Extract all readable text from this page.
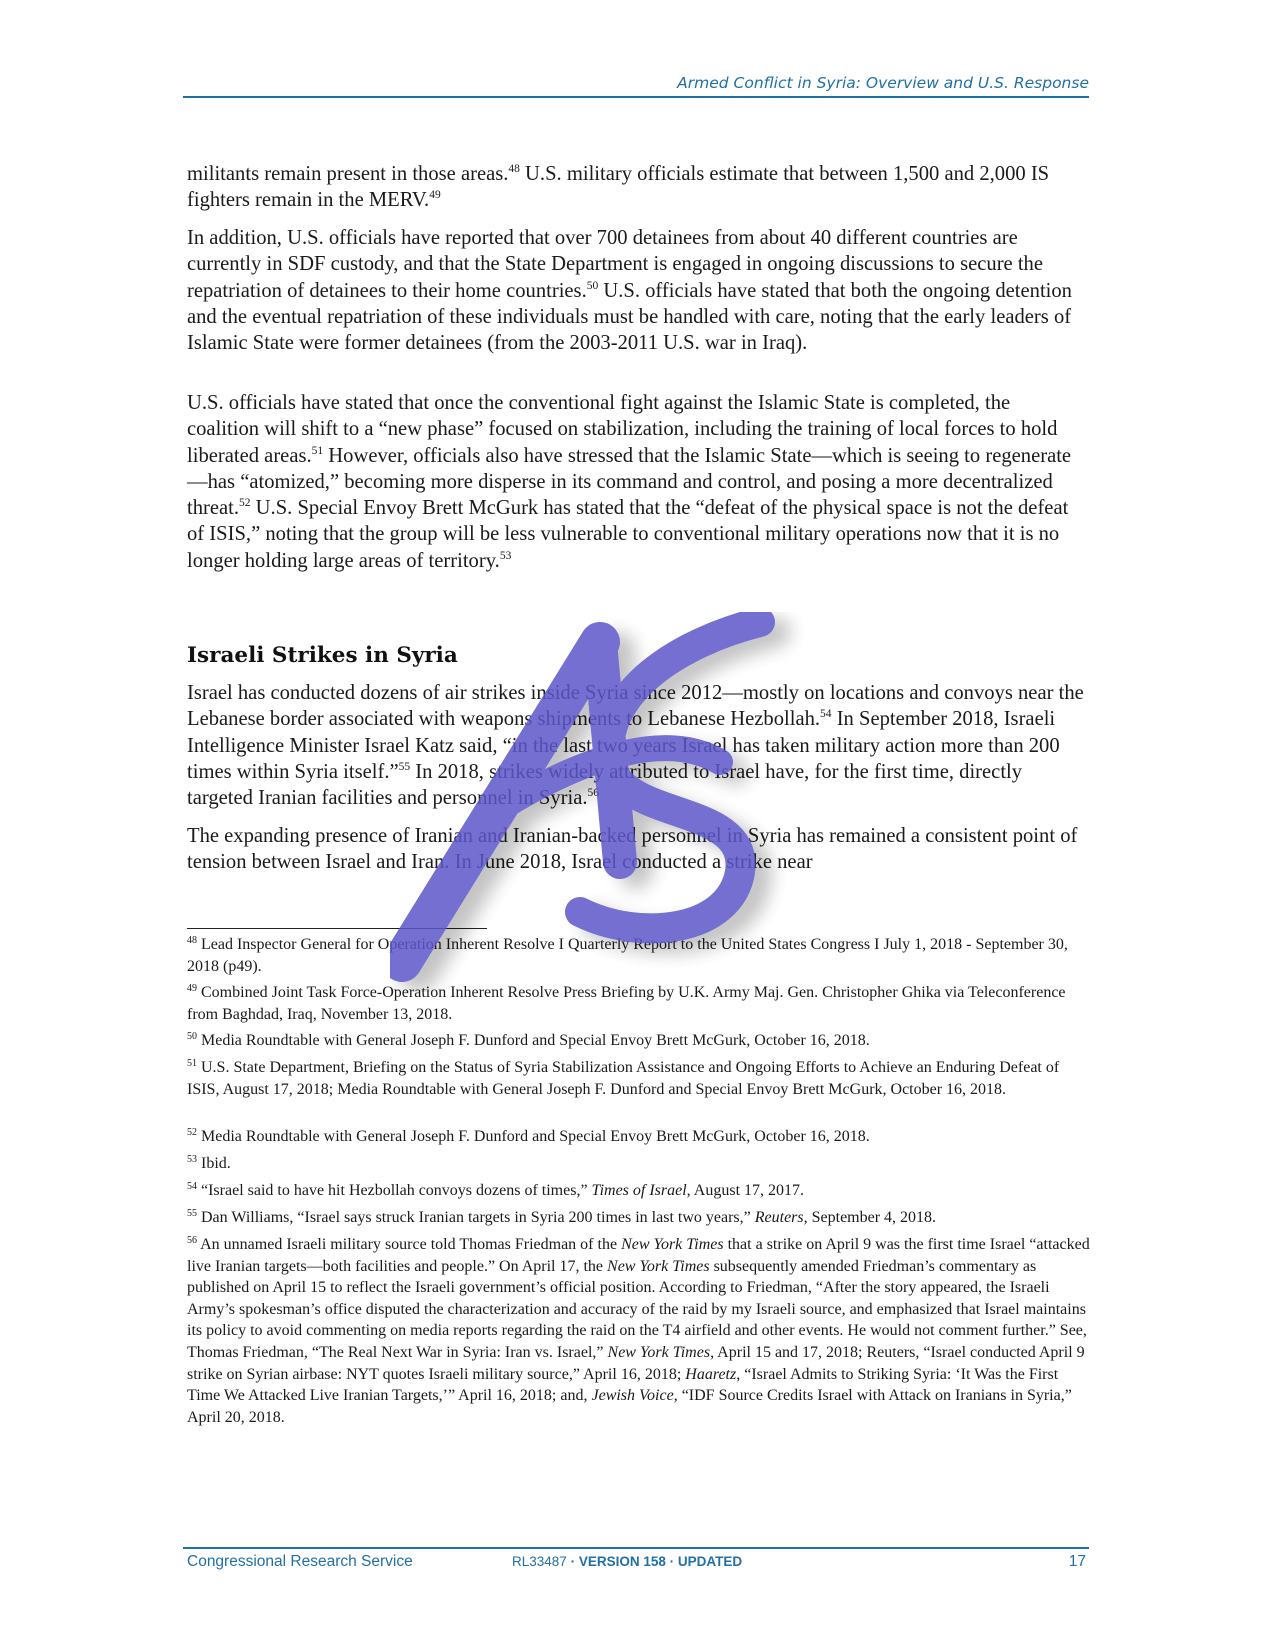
Armed Conflict in Syria: Overview and U.S. Response

militants remain present in those areas.$^{48}$ U.S. military officials estimate that between 1,500 and 2,000 IS fighters remain in the MERV.$^{49}$

In addition, U.S. officials have reported that over 700 detainees from about 40 different countries are currently in SDF custody, and that the State Department is engaged in ongoing discussions to secure the repatriation of detainees to their home countries.$^{50}$ U.S. officials have stated that both the ongoing detention and the eventual repatriation of these individuals must be handled with care, noting that the early leaders of Islamic State were former detainees (from the 2003-2011 U.S. war in Iraq).

U.S. officials have stated that once the conventional fight against the Islamic State is completed, the coalition will shift to a “new phase” focused on stabilization, including the training of local forces to hold liberated areas.$^{51}$ However, officials also have stressed that the Islamic State—which is seeing to regenerate—has “atomized,” becoming more disperse in its command and control, and posing a more decentralized threat.$^{52}$ U.S. Special Envoy Brett McGurk has stated that the “defeat of the physical space is not the defeat of ISIS,” noting that the group will be less vulnerable to conventional military operations now that it is no longer holding large areas of territory.$^{53}$

Israeli Strikes in Syria

Israel has conducted dozens of air strikes inside Syria since 2012—mostly on locations and convoys near the Lebanese border associated with weapons shipments to Lebanese Hezbollah.$^{54}$ In September 2018, Israeli Intelligence Minister Israel Katz said, “in the last two years Israel has taken military action more than 200 times within Syria itself.”$^{55}$ In 2018, strikes widely attributed to Israel have, for the first time, directly targeted Iranian facilities and personnel in Syria.$^{56}$

The expanding presence of Iranian and Iranian-backed personnel in Syria has remained a consistent point of tension between Israel and Iran. In June 2018, Israel conducted a strike near

$^{48}$ Lead Inspector General for Operation Inherent Resolve I Quarterly Report to the United States Congress I July 1, 2018 - September 30, 2018 (p49).

$^{49}$ Combined Joint Task Force-Operation Inherent Resolve Press Briefing by U.K. Army Maj. Gen. Christopher Ghika via Teleconference from Baghdad, Iraq, November 13, 2018.

$^{50}$ Media Roundtable with General Joseph F. Dunford and Special Envoy Brett McGurk, October 16, 2018.

$^{51}$ U.S. State Department, Briefing on the Status of Syria Stabilization Assistance and Ongoing Efforts to Achieve an Enduring Defeat of ISIS, August 17, 2018; Media Roundtable with General Joseph F. Dunford and Special Envoy Brett McGurk, October 16, 2018.

$^{52}$ Media Roundtable with General Joseph F. Dunford and Special Envoy Brett McGurk, October 16, 2018.

$^{53}$ Ibid.

$^{54}$ “Israel said to have hit Hezbollah convoys dozens of times,” Times of Israel, August 17, 2017.

$^{55}$ Dan Williams, “Israel says struck Iranian targets in Syria 200 times in last two years,” Reuters, September 4, 2018.

$^{56}$ An unnamed Israeli military source told Thomas Friedman of the New York Times that a strike on April 9 was the first time Israel “attacked live Iranian targets—both facilities and people.” On April 17, the New York Times subsequently amended Friedman’s commentary as published on April 15 to reflect the Israeli government’s official position. According to Friedman, “After the story appeared, the Israeli Army’s spokesman’s office disputed the characterization and accuracy of the raid by my Israeli source, and emphasized that Israel maintains its policy to avoid commenting on media reports regarding the raid on the T4 airfield and other events. He would not comment further.” See, Thomas Friedman, “The Real Next War in Syria: Iran vs. Israel,” New York Times, April 15 and 17, 2018; Reuters, “Israel conducted April 9 strike on Syrian airbase: NYT quotes Israeli military source,” April 16, 2018; Haaretz, “Israel Admits to Striking Syria: ‘It Was the First Time We Attacked Live Iranian Targets,’” April 16, 2018; and, Jewish Voice, “IDF Source Credits Israel with Attack on Iranians in Syria,” April 20, 2018.

Congressional Research Service	RL33487 · VERSION 158 · UPDATED	17
